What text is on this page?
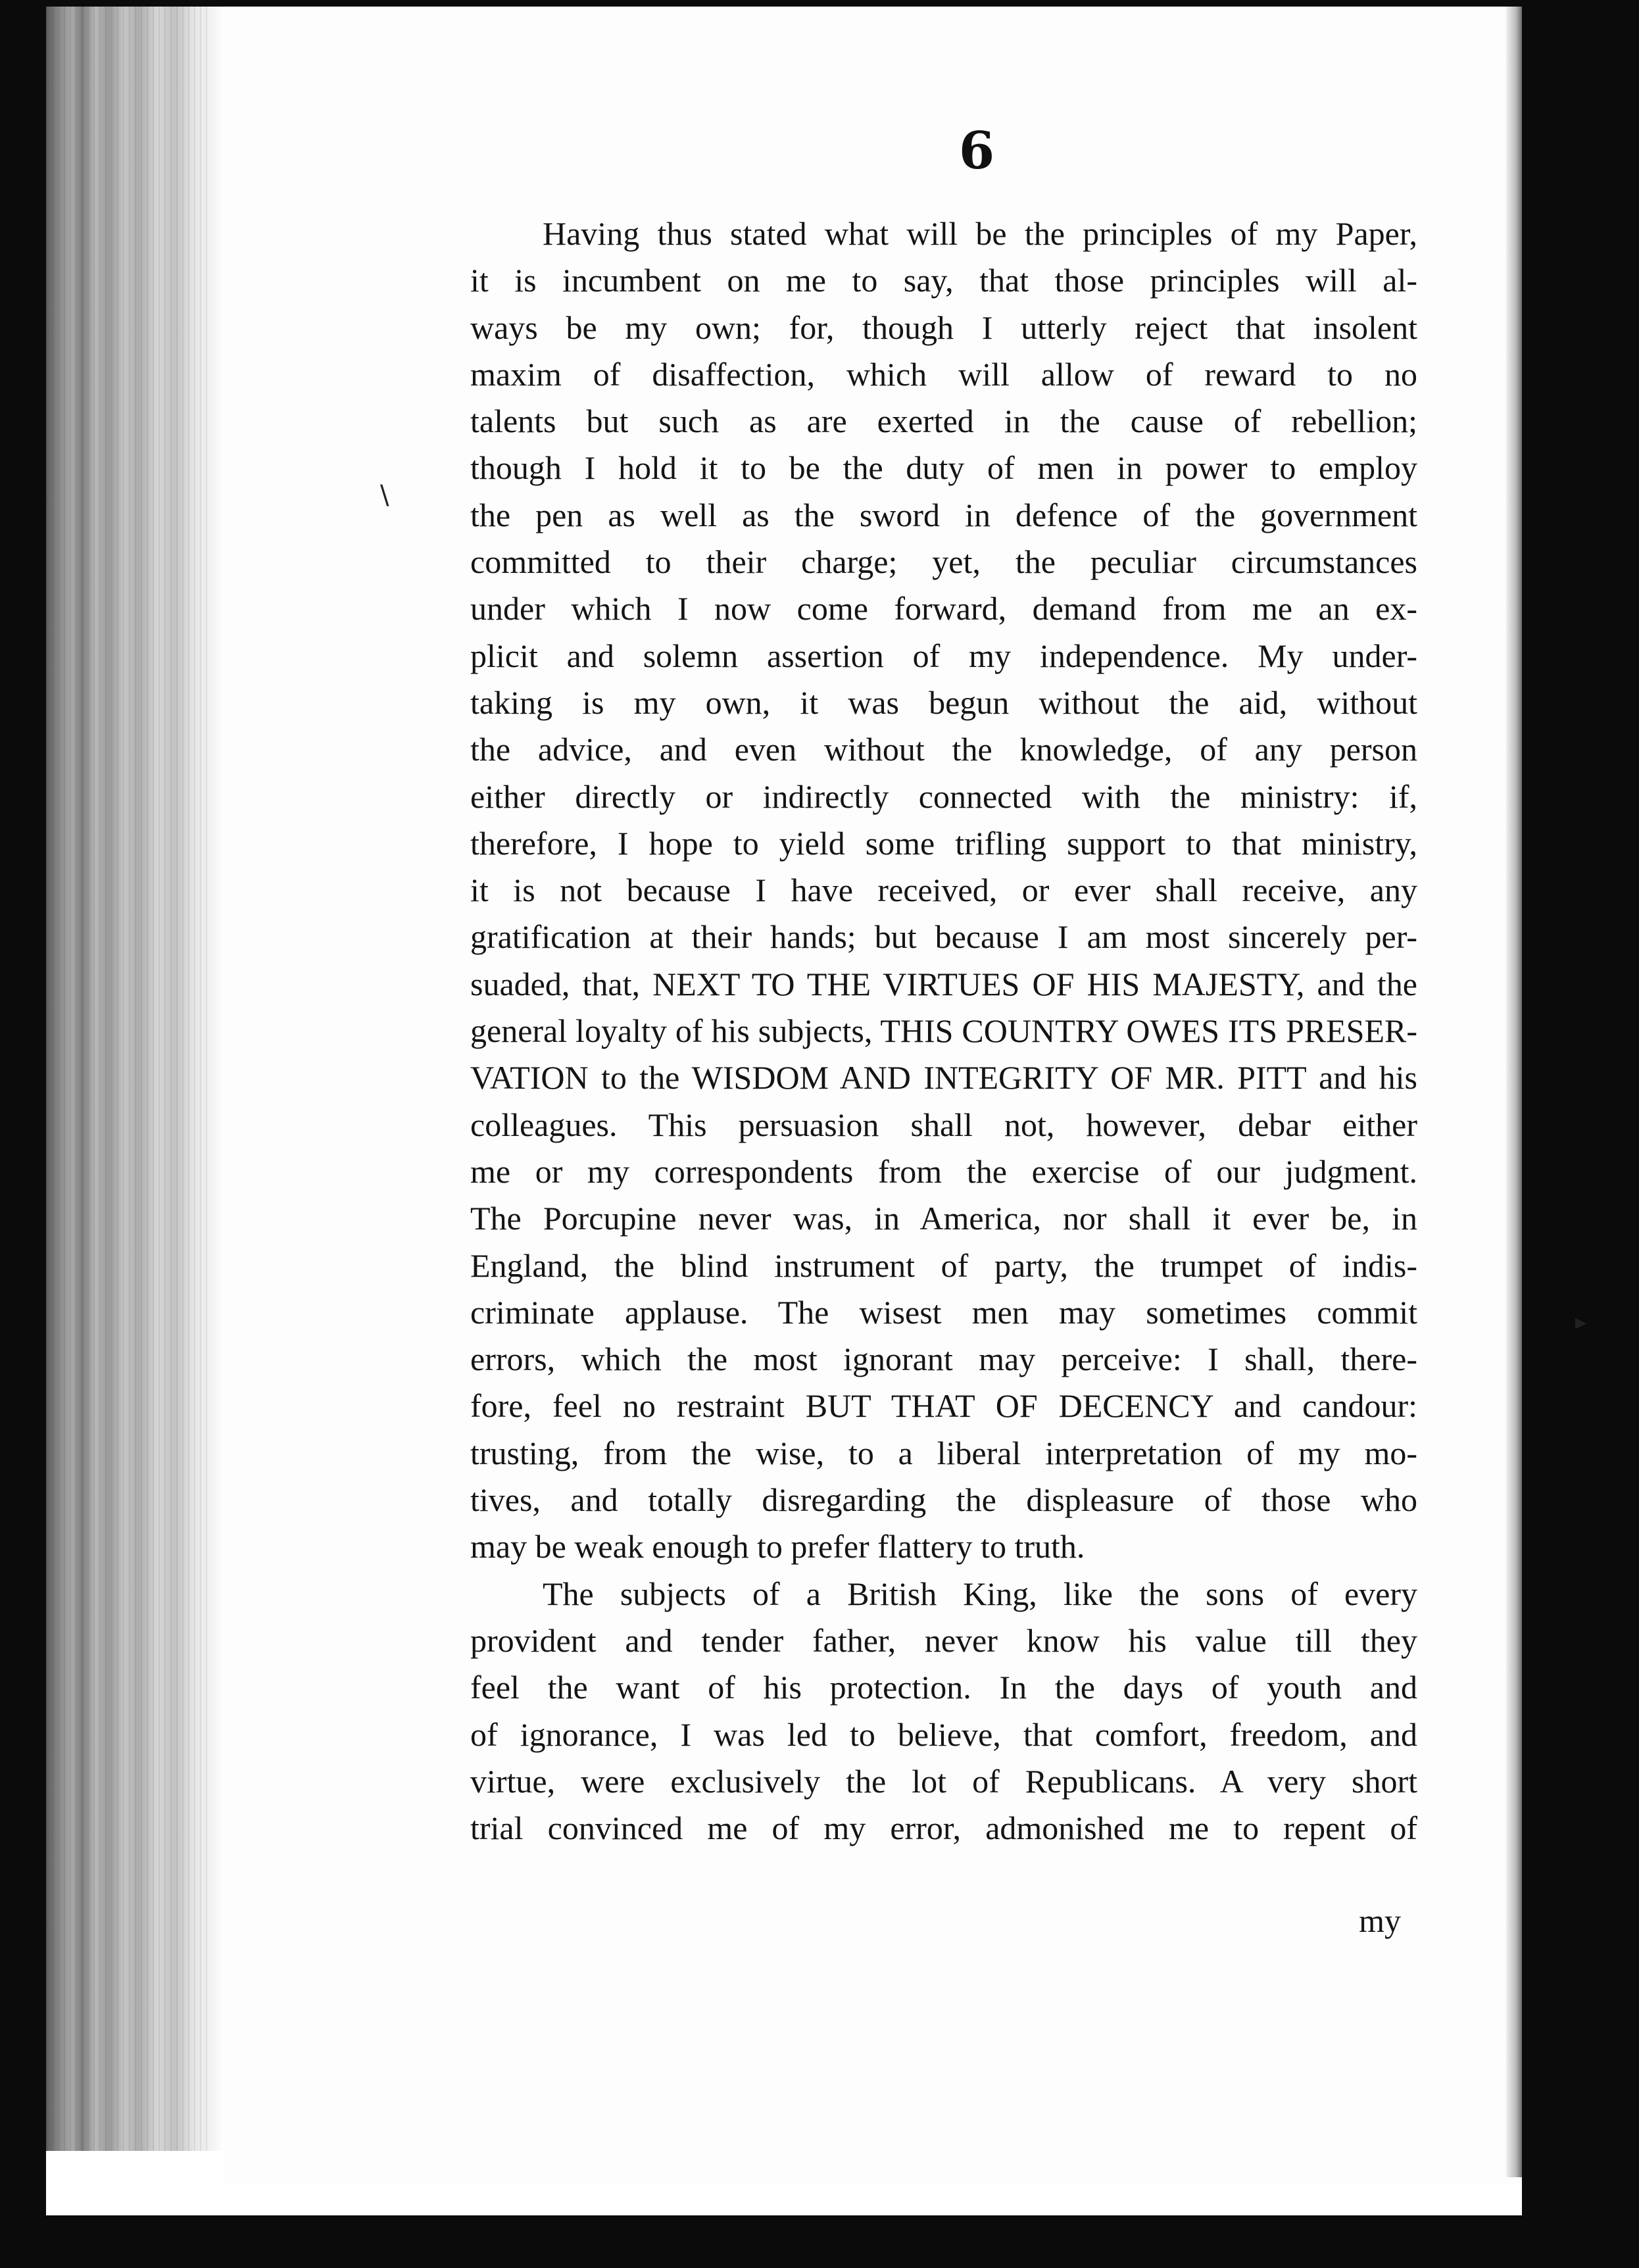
\
▸
6

Having thus stated what will be the principles of my Paper,
it is incumbent on me to say, that those principles will al-
ways be my own; for, though I utterly reject that insolent
maxim of disaffection, which will allow of reward to no
talents but such as are exerted in the cause of rebellion;
though I hold it to be the duty of men in power to employ
the pen as well as the sword in defence of the government
committed to their charge; yet, the peculiar circumstances
under which I now come forward, demand from me an ex-
plicit and solemn assertion of my independence. My under-
taking is my own, it was begun without the aid, without
the advice, and even without the knowledge, of any person
either directly or indirectly connected with the ministry: if,
therefore, I hope to yield some trifling support to that ministry,
it is not because I have received, or ever shall receive, any
gratification at their hands; but because I am most sincerely per-
suaded, that, NEXT TO THE VIRTUES OF HIS MAJESTY, and the
general loyalty of his subjects, THIS COUNTRY OWES ITS PRESER-
VATION to the WISDOM AND INTEGRITY OF MR. PITT and his
colleagues. This persuasion shall not, however, debar either
me or my correspondents from the exercise of our judgment.
The Porcupine never was, in America, nor shall it ever be, in
England, the blind instrument of party, the trumpet of indis-
criminate applause. The wisest men may sometimes commit
errors, which the most ignorant may perceive: I shall, there-
fore, feel no restraint BUT THAT OF DECENCY and candour:
trusting, from the wise, to a liberal interpretation of my mo-
tives, and totally disregarding the displeasure of those who
may be weak enough to prefer flattery to truth.

The subjects of a British King, like the sons of every
provident and tender father, never know his value till they
feel the want of his protection. In the days of youth and
of ignorance, I was led to believe, that comfort, freedom, and
virtue, were exclusively the lot of Republicans. A very short
trial convinced me of my error, admonished me to repent of

my
